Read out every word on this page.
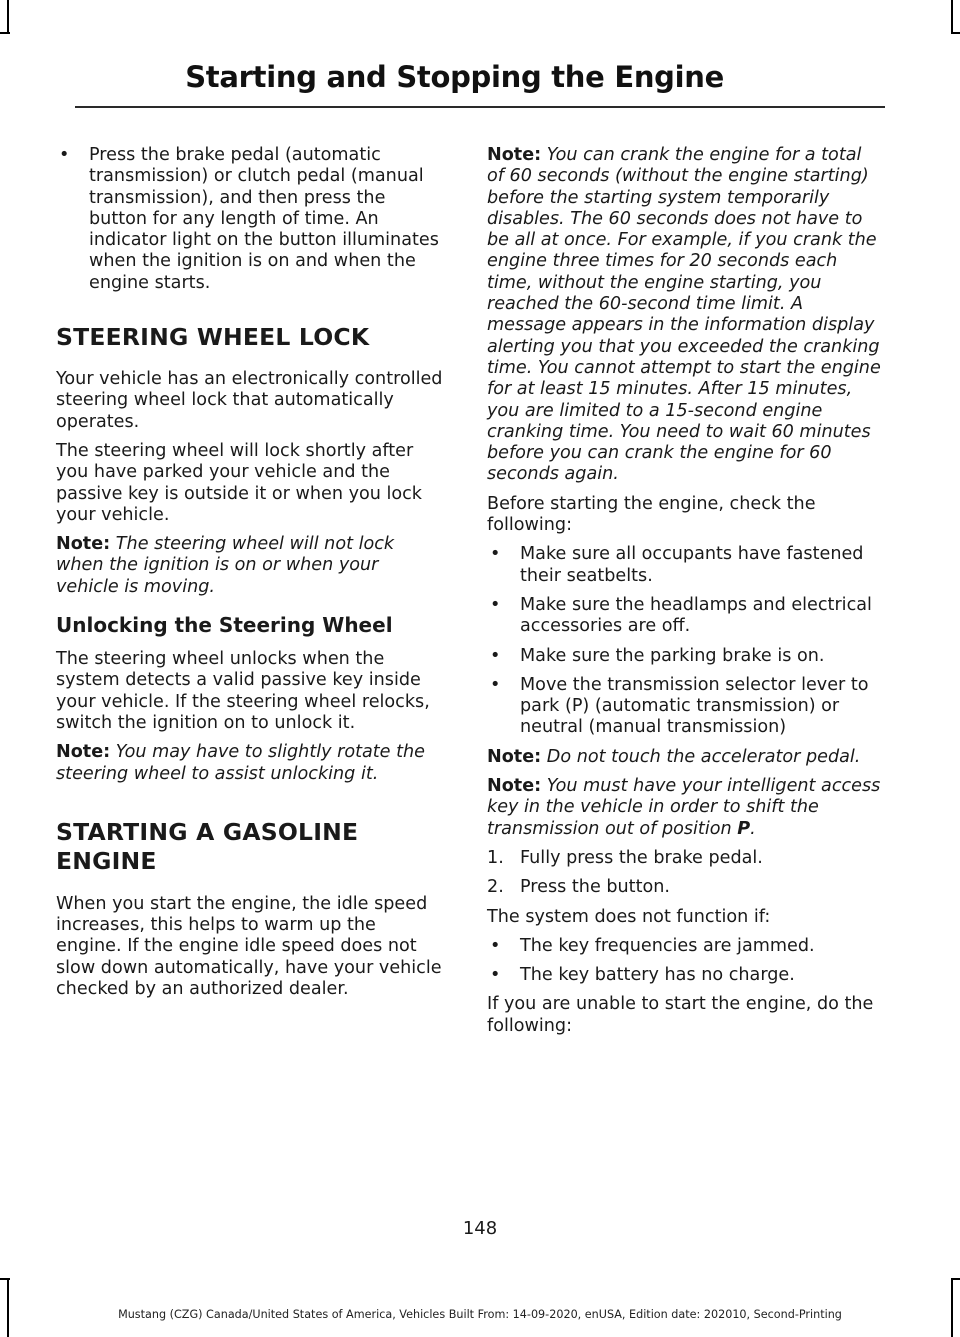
Starting and Stopping the Engine
• Press the brake pedal (automatic transmission) or clutch pedal (manual transmission), and then press the button for any length of time. An indicator light on the button illuminates when the ignition is on and when the engine starts.
STEERING WHEEL LOCK

Your vehicle has an electronically controlled steering wheel lock that automatically operates.

The steering wheel will lock shortly after you have parked your vehicle and the passive key is outside it or when you lock your vehicle.

Note: The steering wheel will not lock when the ignition is on or when your vehicle is moving.

Unlocking the Steering Wheel

The steering wheel unlocks when the system detects a valid passive key inside your vehicle. If the steering wheel relocks, switch the ignition on to unlock it.

Note: You may have to slightly rotate the steering wheel to assist unlocking it.

STARTING A GASOLINE
ENGINE

When you start the engine, the idle speed increases, this helps to warm up the engine. If the engine idle speed does not slow down automatically, have your vehicle checked by an authorized dealer.

Note: You can crank the engine for a total of 60 seconds (without the engine starting) before the starting system temporarily disables. The 60 seconds does not have to be all at once. For example, if you crank the engine three times for 20 seconds each time, without the engine starting, you reached the 60-second time limit. A message appears in the information display alerting you that you exceeded the cranking time. You cannot attempt to start the engine for at least 15 minutes. After 15 minutes, you are limited to a 15-second engine cranking time. You need to wait 60 minutes before you can crank the engine for 60 seconds again.

Before starting the engine, check the following:

• Make sure all occupants have fastened their seatbelts.
• Make sure the headlamps and electrical accessories are off.
• Make sure the parking brake is on.
• Move the transmission selector lever to park (P) (automatic transmission) or neutral (manual transmission)

Note: Do not touch the accelerator pedal.

Note: You must have your intelligent access key in the vehicle in order to shift the transmission out of position P.

1. Fully press the brake pedal.
2. Press the button.

The system does not function if:

• The key frequencies are jammed.
• The key battery has no charge.

If you are unable to start the engine, do the following:

148
Mustang (CZG) Canada/United States of America, Vehicles Built From: 14-09-2020, enUSA, Edition date: 202010, Second-Printing
